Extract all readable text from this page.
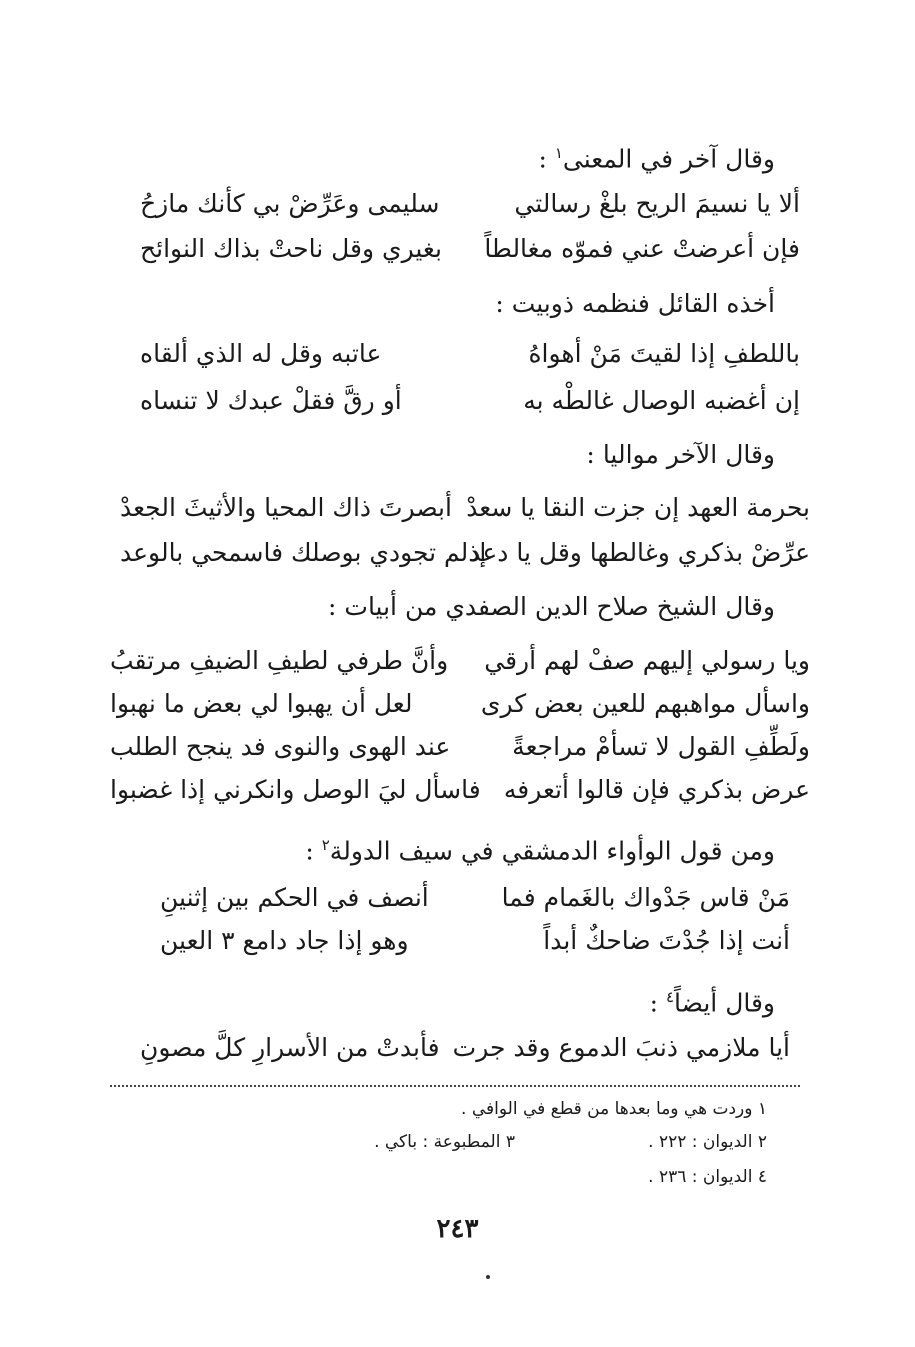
وقال آخر في المعنى$^١$ :
ألا يا نسيمَ الريح بلغْ رسالتي
سليمى وعَرِّضْ بي كأنك مازحُ
فإن أعرضتْ عني فموّه مغالطاً
بغيري وقل ناحتْ بذاك النوائح
أخذه القائل فنظمه ذوبيت :
باللطفِ إذا لقيتَ مَنْ أهواهُ
عاتبه وقل له الذي ألقاه
إن أغضبه الوصال غالطْه به
أو رقَّ فقلْ عبدك لا تنساه
وقال الآخر مواليا :
بحرمة العهد إن جزت النقا يا سعدْ
أبصرتَ ذاك المحيا والأثيثَ الجعدْ
عرِّضْ بذكري وغالطها وقل يا دعد
إذلم تجودي بوصلك فاسمحي بالوعد
وقال الشيخ صلاح الدين الصفدي من أبيات :
ويا رسولي إليهم صفْ لهم أرقي
وأنَّ طرفي لطيفِ الضيفِ مرتقبُ
واسأل مواهبهم للعين بعض كرى
لعل أن يهبوا لي بعض ما نهبوا
ولَطِّفِ القول لا تسأمْ مراجعةً
عند الهوى والنوى فد ينجح الطلب
عرض بذكري فإن قالوا أتعرفه
فاسأل ليَ الوصل وانكرني إذا غضبوا
ومن قول الوأواء الدمشقي في سيف الدولة$^٢$ :
مَنْ قاس جَدْواك بالغَمام فما
أنصف في الحكم بين إثنينِ
أنت إذا جُدْتَ ضاحكٌ أبداً
وهو إذا جاد دامع ٣ العين
وقال أيضاً$^٤$ :
أيا ملازمي ذنبَ الدموع وقد جرت
فأبدتْ من الأسرارِ كلَّ مصونِ
١ وردت هي وما بعدها من قطع في الوافي .
٢ الديوان : ٢٢٢ .
٣ المطبوعة : باكي .
٤ الديوان : ٢٣٦ .
٢٤٣
